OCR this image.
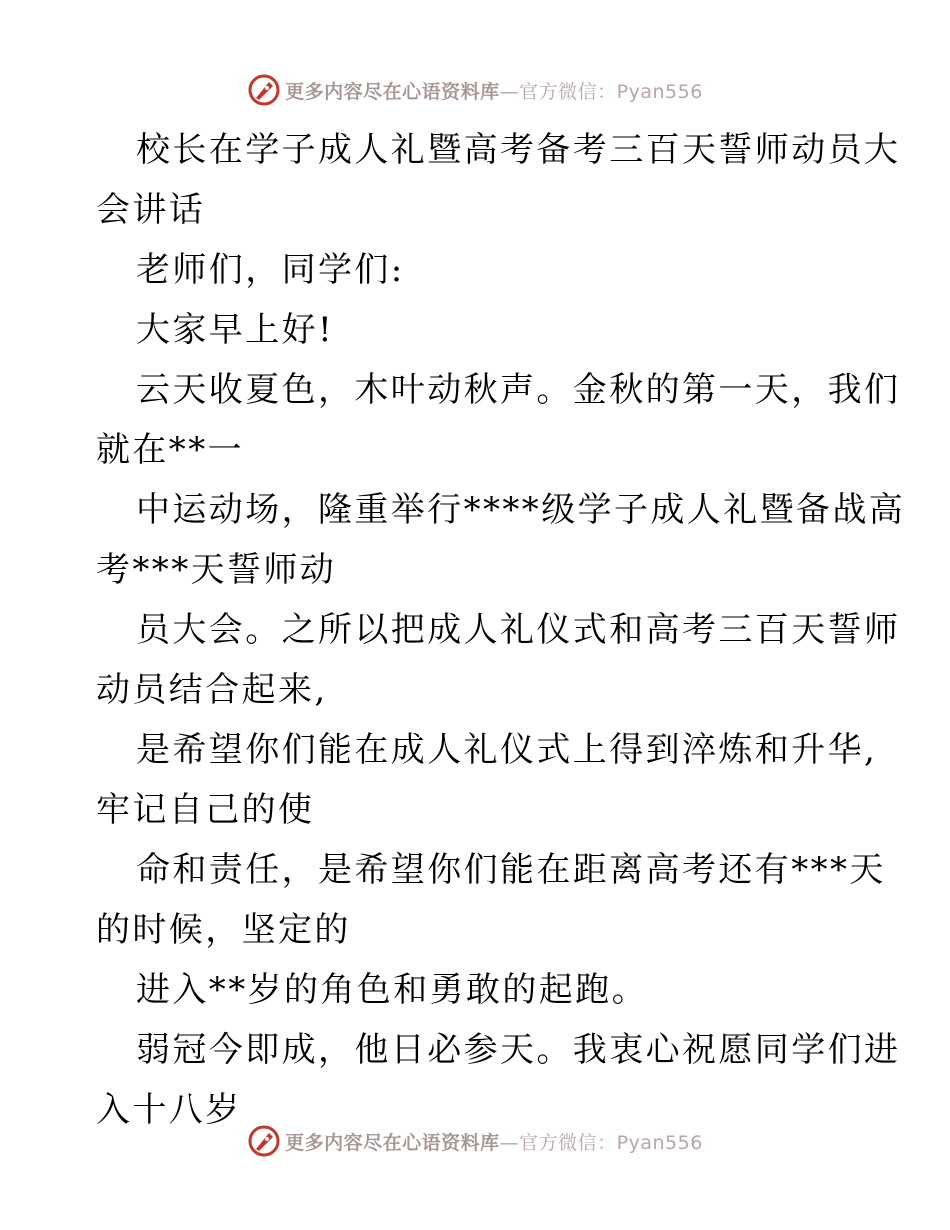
更多内容尽在心语资料库—官方微信：Pyan556
校长在学子成人礼暨高考备考三百天誓师动员大
会讲话
老师们，同学们:
大家早上好!
云天收夏色，木叶动秋声。金秋的第一天，我们
就在**一
中运动场，隆重举行****级学子成人礼暨备战高
考***天誓师动
员大会。之所以把成人礼仪式和高考三百天誓师
动员结合起来,
是希望你们能在成人礼仪式上得到淬炼和升华,
牢记自己的使
命和责任，是希望你们能在距离高考还有***天
的时候，坚定的
进入**岁的角色和勇敢的起跑。
弱冠今即成，他日必参天。我衷心祝愿同学们进
入十八岁
更多内容尽在心语资料库—官方微信：Pyan556
